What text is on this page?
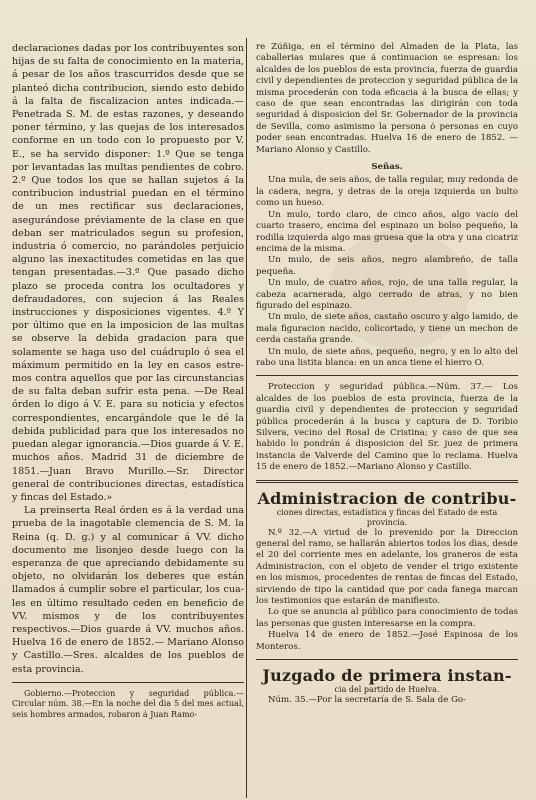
declaraciones dadas por los contribuyentes son hijas de su falta de conocimiento en la materia, á pesar de los años trascurridos desde que se planteó dicha contribucion, siendo esto debido á la falta de fiscalizacion antes indicada.—Penetrada S. M. de estas razones, y deseando poner término, y las quejas de los interesados conforme en un todo con lo propuesto por V. E., se ha servido disponer: 1.º Que se tenga por levantadas las multas pendientes de cobro. 2.º Que todos los que se hallan sujetos á la contribucion industrial puedan en el término de un mes rectificar sus declaraciones, asegurándose préviamente de la clase en que deban ser matriculados segun su profesion, industria ó comercio, no parándoles perjuicio alguno las inexactitudes cometidas en las que tengan presentadas.—3.º Que pasado dicho plazo se proceda contra los ocultadores y defraudadores, con sujecion á las Reales instrucciones y disposiciones vigentes. 4.º Y por último que en la imposicion de las multas se observe la debida gradacion para que solamente se haga uso del cuádruplo ó sea el máximum permitido en la ley en casos estremos contra aquellos que por las circunstancias de su falta deban sufrir esta pena. —De Real órden lo digo á V. E. para su noticia y efectos correspondientes, encargándole que le dé la debida publicidad para que los interesados no puedan alegar ignorancia.—Dios guarde á V. E. muchos años. Madrid 31 de diciembre de 1851.—Juan Bravo Murillo.—Sr. Director general de contribuciones directas, estadística y fincas del Estado.»

La preinserta Real órden es á la verdad una prueba de la inagotable clemencia de S. M. la Reina (q. D. g.) y al comunicar á VV. dicho documento me lisonjeo desde luego con la esperanza de que apreciando debidamente su objeto, no olvidarán los deberes que están llamados á cumplir sobre el particular, los cuales en último resultado ceden en beneficio de VV. mismos y de los contribuyentes respectivos.—Dios guarde á VV. muchos años. Huelva 16 de enero de 1852.— Mariano Alonso y Castillo.—Sres. alcaldes de los pueblos de esta provincia.

Gobierno.—Proteccion y seguridad pública.— Circular núm. 38.—En la noche del dia 5 del mes actual, seis hombres armados, robaron á Juan Ramo-

re Zúñiga, en el término del Almaden de la Plata, las caballerias mulares que á continuacion se espresan: los alcaldes de los pueblos de esta provincia, fuerza de guardia civil y dependientes de proteccion y seguridad pública de la misma procederán con toda eficacia á la busca de ellas; y caso de que sean encontradas las dirigirán con toda seguridad á disposicion del Sr. Gobernador de la provincia de Sevilla, como asimismo la persona ó personas en cuyo poder sean encontradas. Huelva 16 de enero de 1852. —Mariano Alonso y Castillo.

Señas.

Una mula, de seis años, de talla regular, muy redonda de la cadera, negra, y detras de la oreja izquierda un bulto como un hueso.

Un mulo, tordo claro, de cinco años, algo vacío del cuarto trasero, encima del espinazo un bolso pequeño, la rodilla izquierda algo mas gruesa que la otra y una cicatriz encima de la misma.

Un mulo, de seis años, negro alambreño, de talla pequeña.

Un mulo, de cuatro años, rojo, de una talla regular, la cabeza acarnerada, algo cerrado de atras, y no bien figurado del espinazo.

Un mulo, de siete años, castaño oscuro y algo lamido, de mala figuracion nacido, colicortado, y tiene un mechon de cerda castaña grande.

Un mulo, de siete años, pequeño, negro, y en lo alto del rabo una listita blanca: en un anca tiene el hierro O.

Proteccion y seguridad pública.—Núm. 37.— Los alcaldes de los pueblos de esta provincia, fuerza de la guardia civil y dependientes de proteccion y seguridad pública procederán á la busca y captura de D. Toribio Silvera, vecino del Rosal de Cristina; y caso de que sea habido lo pondrán á disposicion del Sr. juez de primera instancia de Valverde del Camino que lo reclama. Huelva 15 de enero de 1852.—Mariano Alonso y Castillo.

Administracion de contribu-

ciones directas, estadística y fincas del Estado de esta provincia.

N.º 32.—A virtud de lo prevenido por la Direccion general del ramo, se hallarán abiertos todos los dias, desde el 20 del corriente mes en adelante, los graneros de esta Administracion, con el objeto de vender el trigo existente en los mismos, procedentes de rentas de fincas del Estado, sirviendo de tipo la cantidad que por cada fanega marcan los testimonios que estarán de manifiesto.

Lo que se anuncia al público para conocimiento de todas las personas que gusten interesarse en la compra.

Huelva 14 de enero de 1852.—José Espinosa de los Monteros.

Juzgado de primera instan-

cia del partido de Huelva.

Núm. 35.—Por la secretaría de S. Sala de Go-
